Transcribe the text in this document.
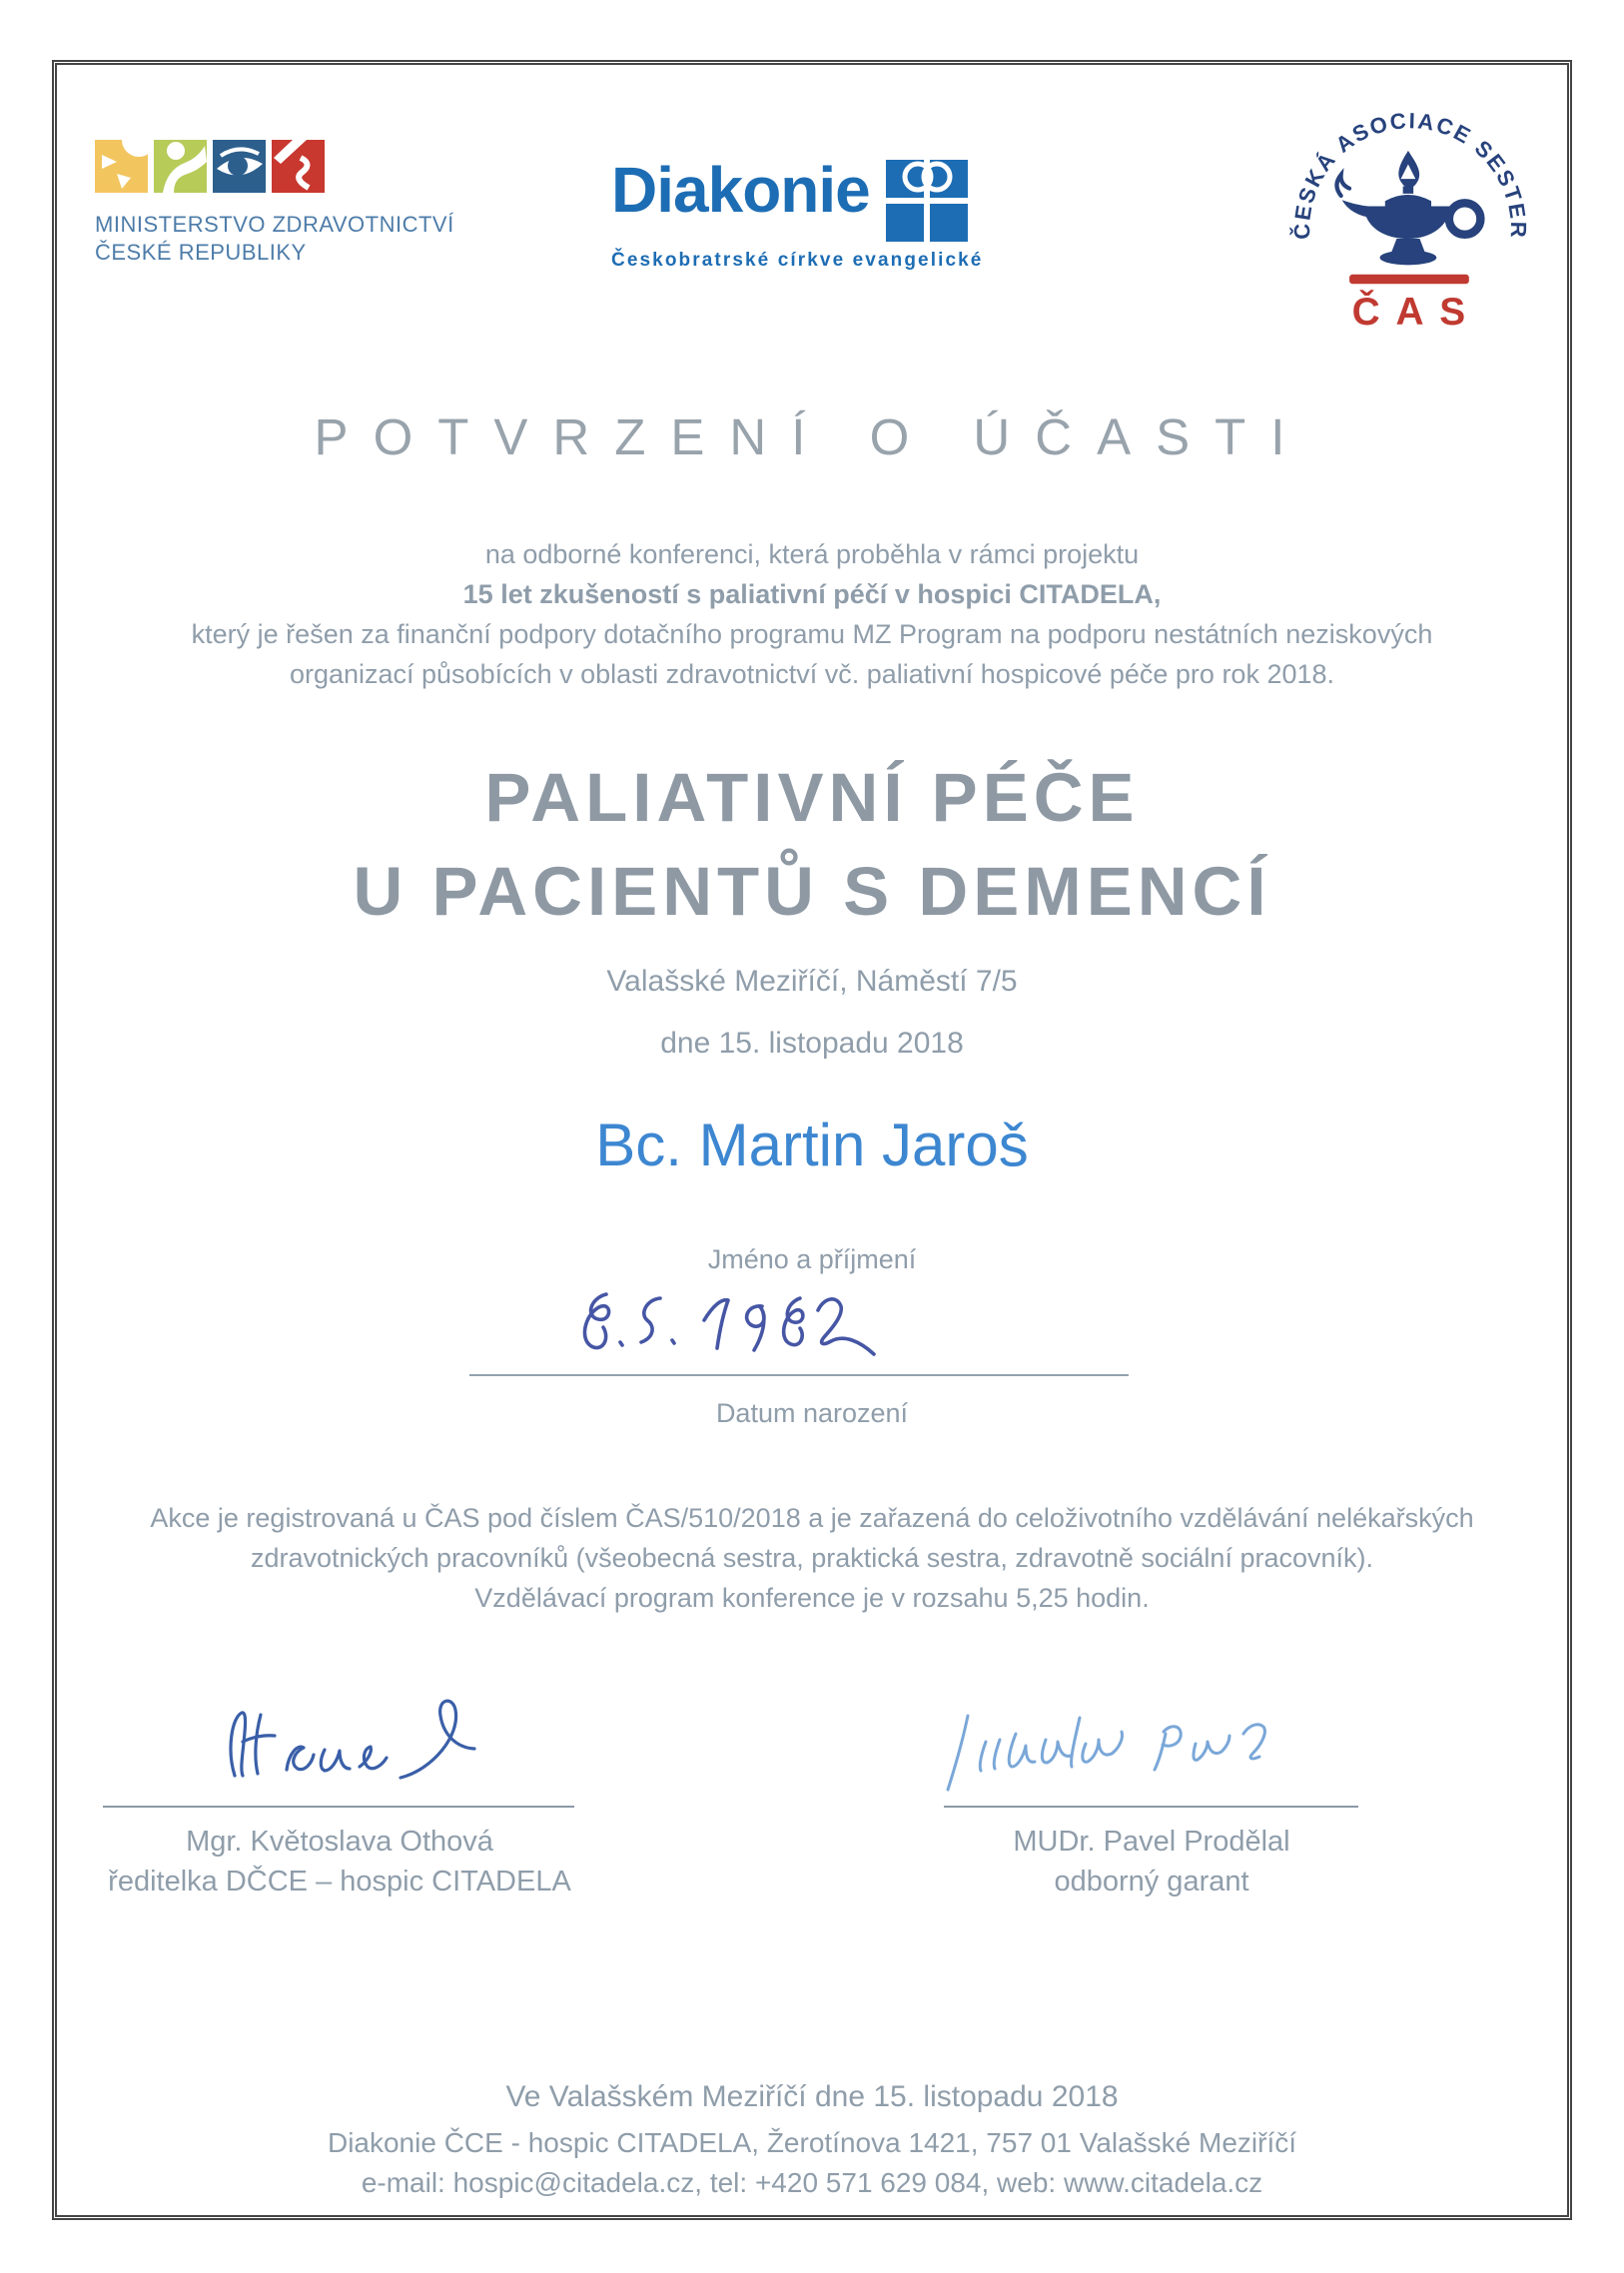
MINISTERSTVO ZDRAVOTNICTVÍ
ČESKÉ REPUBLIKY
Diakonie
Českobratrské církve evangelické
ČESKÁ ASOCIACE SESTER
ČAS
POTVRZENÍ O ÚČASTI
na odborné konferenci, která proběhla v rámci projektu
15 let zkušeností s paliativní péčí v hospici CITADELA,
který je řešen za finanční podpory dotačního programu MZ Program na podporu nestátních neziskových
organizací působících v oblasti zdravotnictví vč. paliativní hospicové péče pro rok 2018.
PALIATIVNÍ PÉČE
U PACIENTŮ S DEMENCÍ
Valašské Meziříčí, Náměstí 7/5
dne 15. listopadu 2018
Bc. Martin Jaroš
Jméno a příjmení
Datum narození
Akce je registrovaná u ČAS pod číslem ČAS/510/2018 a je zařazená do celoživotního vzdělávání nelékařských
zdravotnických pracovníků (všeobecná sestra, praktická sestra, zdravotně sociální pracovník).
Vzdělávací program konference je v rozsahu 5,25 hodin.
Mgr. Květoslava Othová
ředitelka DČCE – hospic CITADELA
MUDr. Pavel Prodělal
odborný garant
Ve Valašském Meziříčí dne 15. listopadu 2018
Diakonie ČCE - hospic CITADELA, Žerotínova 1421, 757 01 Valašské Meziříčí
e-mail: hospic@citadela.cz, tel: +420 571 629 084, web: www.citadela.cz
